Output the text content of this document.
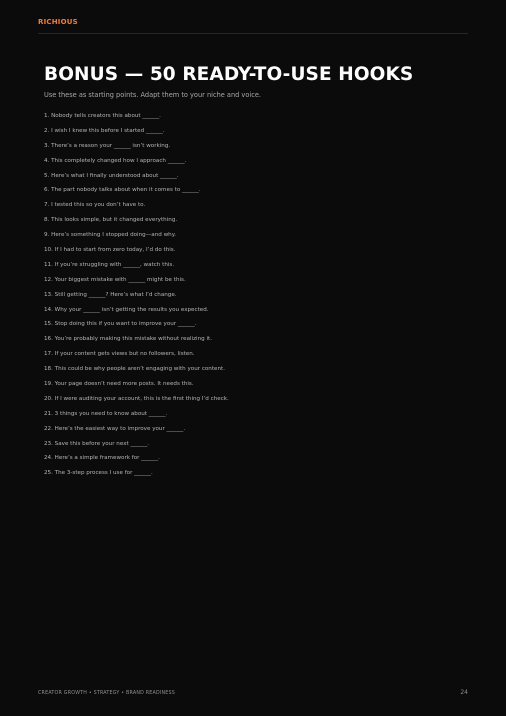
RICHIOUS
BONUS — 50 READY-TO-USE HOOKS

Use these as starting points. Adapt them to your niche and voice.

1. Nobody tells creators this about ______.
2. I wish I knew this before I started ______.
3. There’s a reason your ______ isn’t working.
4. This completely changed how I approach ______.
5. Here’s what I finally understood about ______.
6. The part nobody talks about when it comes to ______.
7. I tested this so you don’t have to.
8. This looks simple, but it changed everything.
9. Here’s something I stopped doing—and why.
10. If I had to start from zero today, I’d do this.
11. If you’re struggling with ______, watch this.
12. Your biggest mistake with ______ might be this.
13. Still getting ______? Here’s what I’d change.
14. Why your ______ isn’t getting the results you expected.
15. Stop doing this if you want to improve your ______.
16. You’re probably making this mistake without realizing it.
17. If your content gets views but no followers, listen.
18. This could be why people aren’t engaging with your content.
19. Your page doesn’t need more posts. It needs this.
20. If I were auditing your account, this is the first thing I’d check.
21. 3 things you need to know about ______.
22. Here’s the easiest way to improve your ______.
23. Save this before your next ______.
24. Here’s a simple framework for ______.
25. The 3-step process I use for ______.
CREATOR GROWTH • STRATEGY • BRAND READINESS	24
